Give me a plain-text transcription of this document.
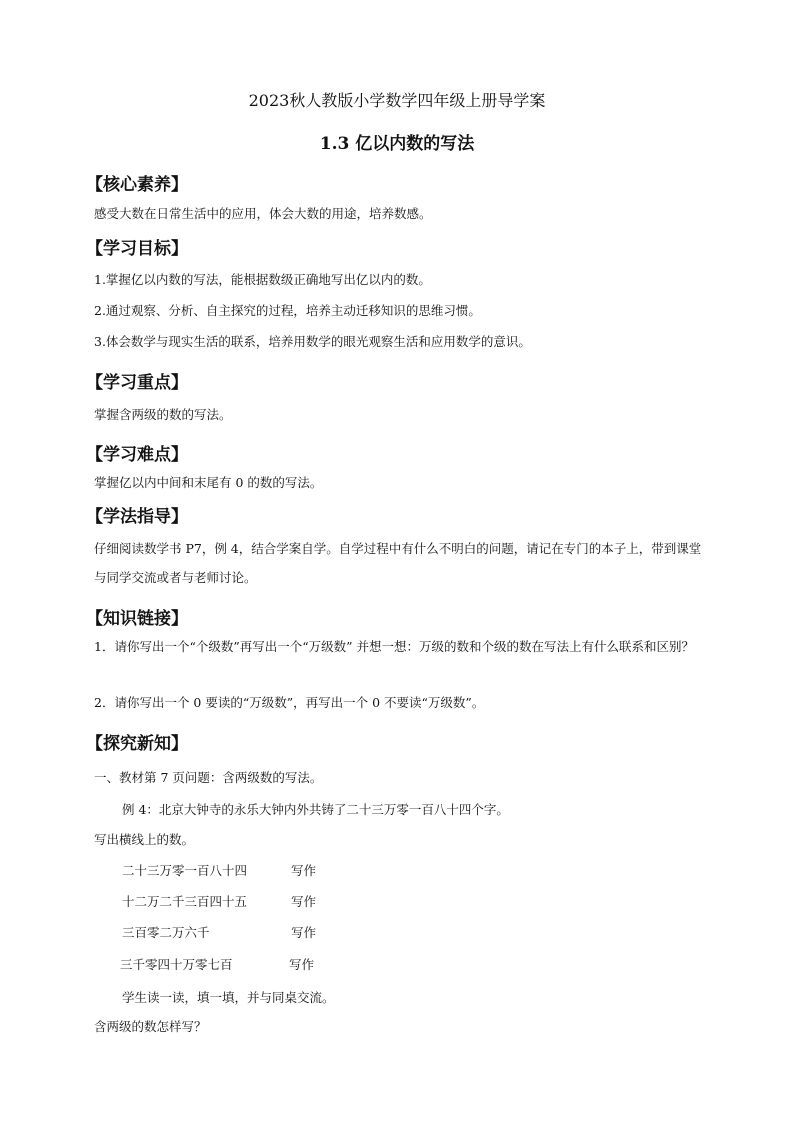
2023秋人教版小学数学四年级上册导学案
1.3 亿以内数的写法
【核心素养】
感受大数在日常生活中的应用，体会大数的用途，培养数感。
【学习目标】
1.掌握亿以内数的写法，能根据数级正确地写出亿以内的数。
2.通过观察、分析、自主探究的过程，培养主动迁移知识的思维习惯。
3.体会数学与现实生活的联系，培养用数学的眼光观察生活和应用数学的意识。
【学习重点】
掌握含两级的数的写法。
【学习难点】
掌握亿以内中间和末尾有 0 的数的写法。
【学法指导】
仔细阅读数学书 P7，例 4，结合学案自学。自学过程中有什么不明白的问题，请记在专门的本子上，带到课堂与同学交流或者与老师讨论。
【知识链接】
1．请你写出一个“个级数”再写出一个“万级数” 并想一想：万级的数和个级的数在写法上有什么联系和区别？
2．请你写出一个 0 要读的“万级数”，再写出一个 0 不要读“万级数”。
【探究新知】
一、教材第 7 页问题：含两级数的写法。
例 4：北京大钟寺的永乐大钟内外共铸了二十三万零一百八十四个字。
写出横线上的数。
二十三万零一百八十四	写作
十二万二千三百四十五	写作
三百零二万六千	写作
三千零四十万零七百	写作
学生读一读，填一填，并与同桌交流。
含两级的数怎样写？
